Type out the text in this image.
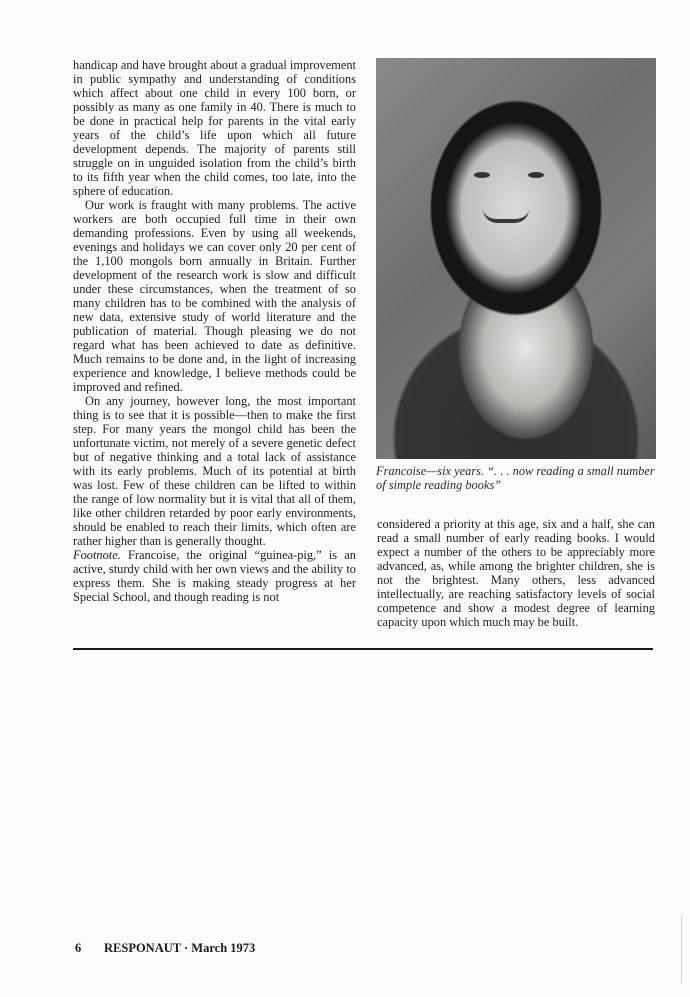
handicap and have brought about a gradual improvement in public sympathy and understanding of conditions which affect about one child in every 100 born, or possibly as many as one family in 40. There is much to be done in practical help for parents in the vital early years of the child’s life upon which all future development depends. The majority of parents still struggle on in unguided isolation from the child’s birth to its fifth year when the child comes, too late, into the sphere of education.

Our work is fraught with many problems. The active workers are both occupied full time in their own demanding professions. Even by using all weekends, evenings and holidays we can cover only 20 per cent of the 1,100 mongols born annually in Britain. Further development of the research work is slow and difficult under these circumstances, when the treatment of so many children has to be combined with the analysis of new data, extensive study of world literature and the publication of material. Though pleasing we do not regard what has been achieved to date as definitive. Much remains to be done and, in the light of increasing experience and knowledge, I believe methods could be improved and refined.

On any journey, however long, the most important thing is to see that it is possible—then to make the first step. For many years the mongol child has been the unfortunate victim, not merely of a severe genetic defect but of negative thinking and a total lack of assistance with its early problems. Much of its potential at birth was lost. Few of these children can be lifted to within the range of low normality but it is vital that all of them, like other children retarded by poor early environments, should be enabled to reach their limits, which often are rather higher than is generally thought.

Footnote. Francoise, the original “guinea-pig,” is an active, sturdy child with her own views and the ability to express them. She is making steady progress at her Special School, and though reading is not

Francoise—six years. “. . . now reading a small number of simple reading books”

considered a priority at this age, six and a half, she can read a small number of early reading books. I would expect a number of the others to be appreciably more advanced, as, while among the brighter children, she is not the brightest. Many others, less advanced intellectually, are reaching satisfactory levels of social competence and show a modest degree of learning capacity upon which much may be built.

6 RESPONAUT · March 1973
